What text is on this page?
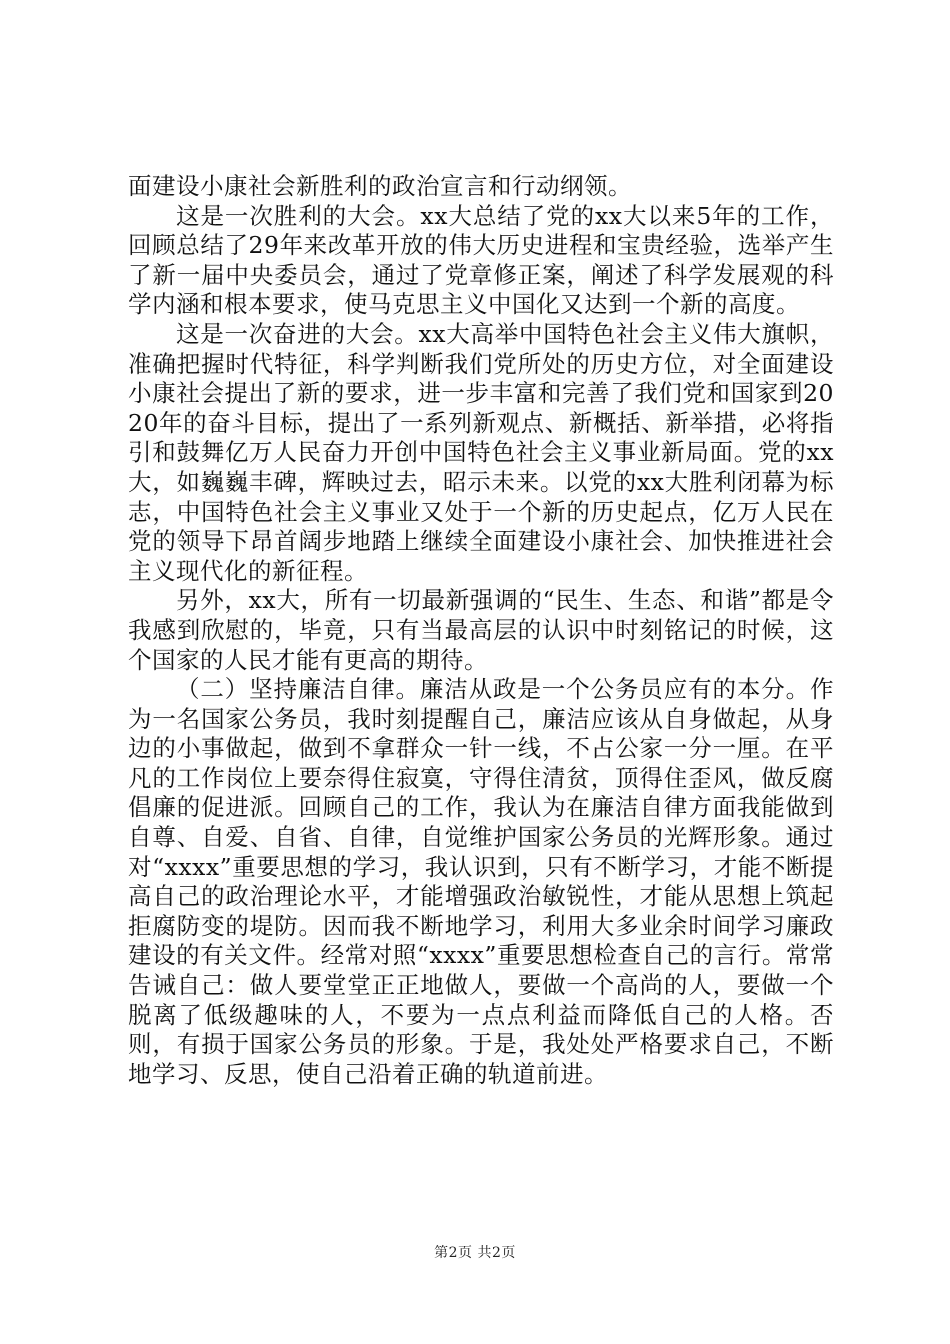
面建设小康社会新胜利的政治宣言和行动纲领。

这是一次胜利的大会。xx大总结了党的xx大以来5年的工作，回顾总结了29年来改革开放的伟大历史进程和宝贵经验，选举产生了新一届中央委员会，通过了党章修正案，阐述了科学发展观的科学内涵和根本要求，使马克思主义中国化又达到一个新的高度。

这是一次奋进的大会。xx大高举中国特色社会主义伟大旗帜，准确把握时代特征，科学判断我们党所处的历史方位，对全面建设小康社会提出了新的要求，进一步丰富和完善了我们党和国家到2020年的奋斗目标，提出了一系列新观点、新概括、新举措，必将指引和鼓舞亿万人民奋力开创中国特色社会主义事业新局面。党的xx大，如巍巍丰碑，辉映过去，昭示未来。以党的xx大胜利闭幕为标志，中国特色社会主义事业又处于一个新的历史起点，亿万人民在党的领导下昂首阔步地踏上继续全面建设小康社会、加快推进社会主义现代化的新征程。

另外，xx大，所有一切最新强调的“民生、生态、和谐”都是令我感到欣慰的，毕竟，只有当最高层的认识中时刻铭记的时候，这个国家的人民才能有更高的期待。

（二）坚持廉洁自律。廉洁从政是一个公务员应有的本分。作为一名国家公务员，我时刻提醒自己，廉洁应该从自身做起，从身边的小事做起，做到不拿群众一针一线，不占公家一分一厘。在平凡的工作岗位上要奈得住寂寞，守得住清贫，顶得住歪风，做反腐倡廉的促进派。回顾自己的工作，我认为在廉洁自律方面我能做到自尊、自爱、自省、自律，自觉维护国家公务员的光辉形象。通过对“xxxx”重要思想的学习，我认识到，只有不断学习，才能不断提高自己的政治理论水平，才能增强政治敏锐性，才能从思想上筑起拒腐防变的堤防。因而我不断地学习，利用大多业余时间学习廉政建设的有关文件。经常对照“xxxx”重要思想检查自己的言行。常常告诫自己：做人要堂堂正正地做人，要做一个高尚的人，要做一个脱离了低级趣味的人，不要为一点点利益而降低自己的人格。否则，有损于国家公务员的形象。于是，我处处严格要求自己，不断地学习、反思，使自己沿着正确的轨道前进。

第2页 共2页
